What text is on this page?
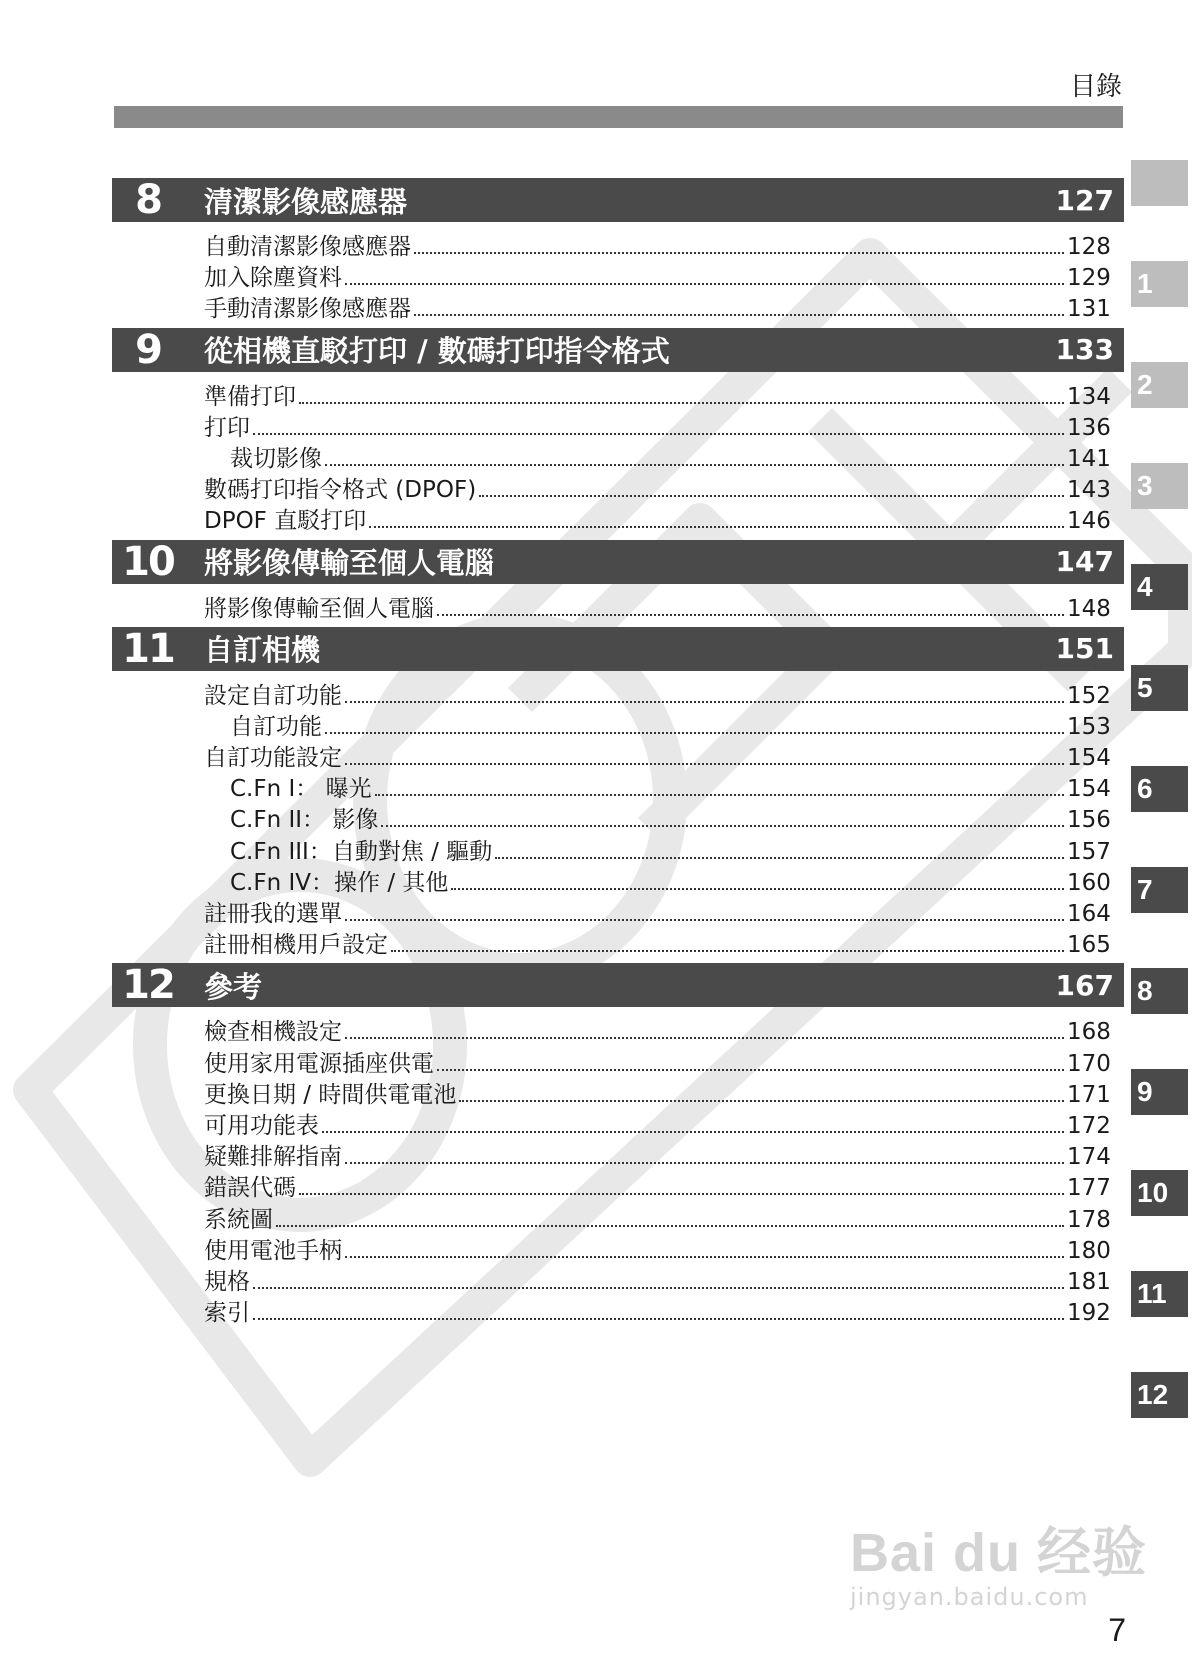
目錄
8	清潔影像感應器	127
自動清潔影像感應器	128
加入除塵資料	129
手動清潔影像感應器	131
9	從相機直駁打印 / 數碼打印指令格式	133
準備打印	134
打印	136
裁切影像	141
數碼打印指令格式 (DPOF)	143
DPOF 直駁打印	146
10	將影像傳輸至個人電腦	147
將影像傳輸至個人電腦	148
11	自訂相機	151
設定自訂功能	152
自訂功能	153
自訂功能設定	154
C.Fn I： 曝光	154
C.Fn II： 影像	156
C.Fn III：自動對焦 / 驅動	157
C.Fn IV：操作 / 其他	160
註冊我的選單	164
註冊相機用戶設定	165
12	參考	167
檢查相機設定	168
使用家用電源插座供電	170
更換日期 / 時間供電電池	171
可用功能表	172
疑難排解指南	174
錯誤代碼	177
系統圖	178
使用電池手柄	180
規格	181
索引	192
1
2
3
4
5
6
7
8
9
10
11
12
Bai du 经验
jingyan.baidu.com
7
